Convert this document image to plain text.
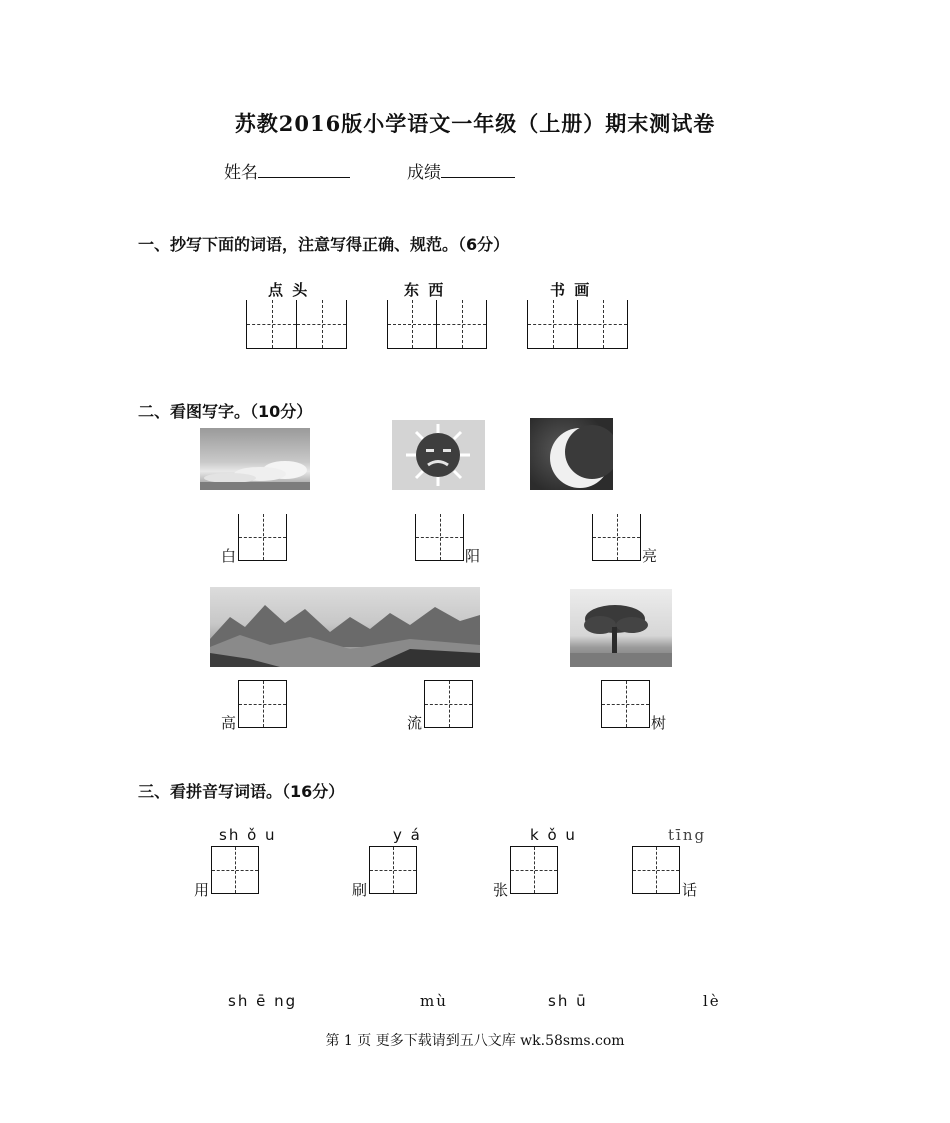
苏教2016版小学语文一年级（上册）期末测试卷
姓名	成绩
一、抄写下面的词语，注意写得正确、规范。（6分）
点 头	东 西	书 画
二、看图写字。（10分）
白	阳	亮
高	流	树
三、看拼音写词语。（16分）
sh ǒ u	y á	k ǒ u	tīng
用	刷	张	话
sh ē ng	mù	sh ū	lè
第 1 页 更多下载请到五八文库 wk.58sms.com
